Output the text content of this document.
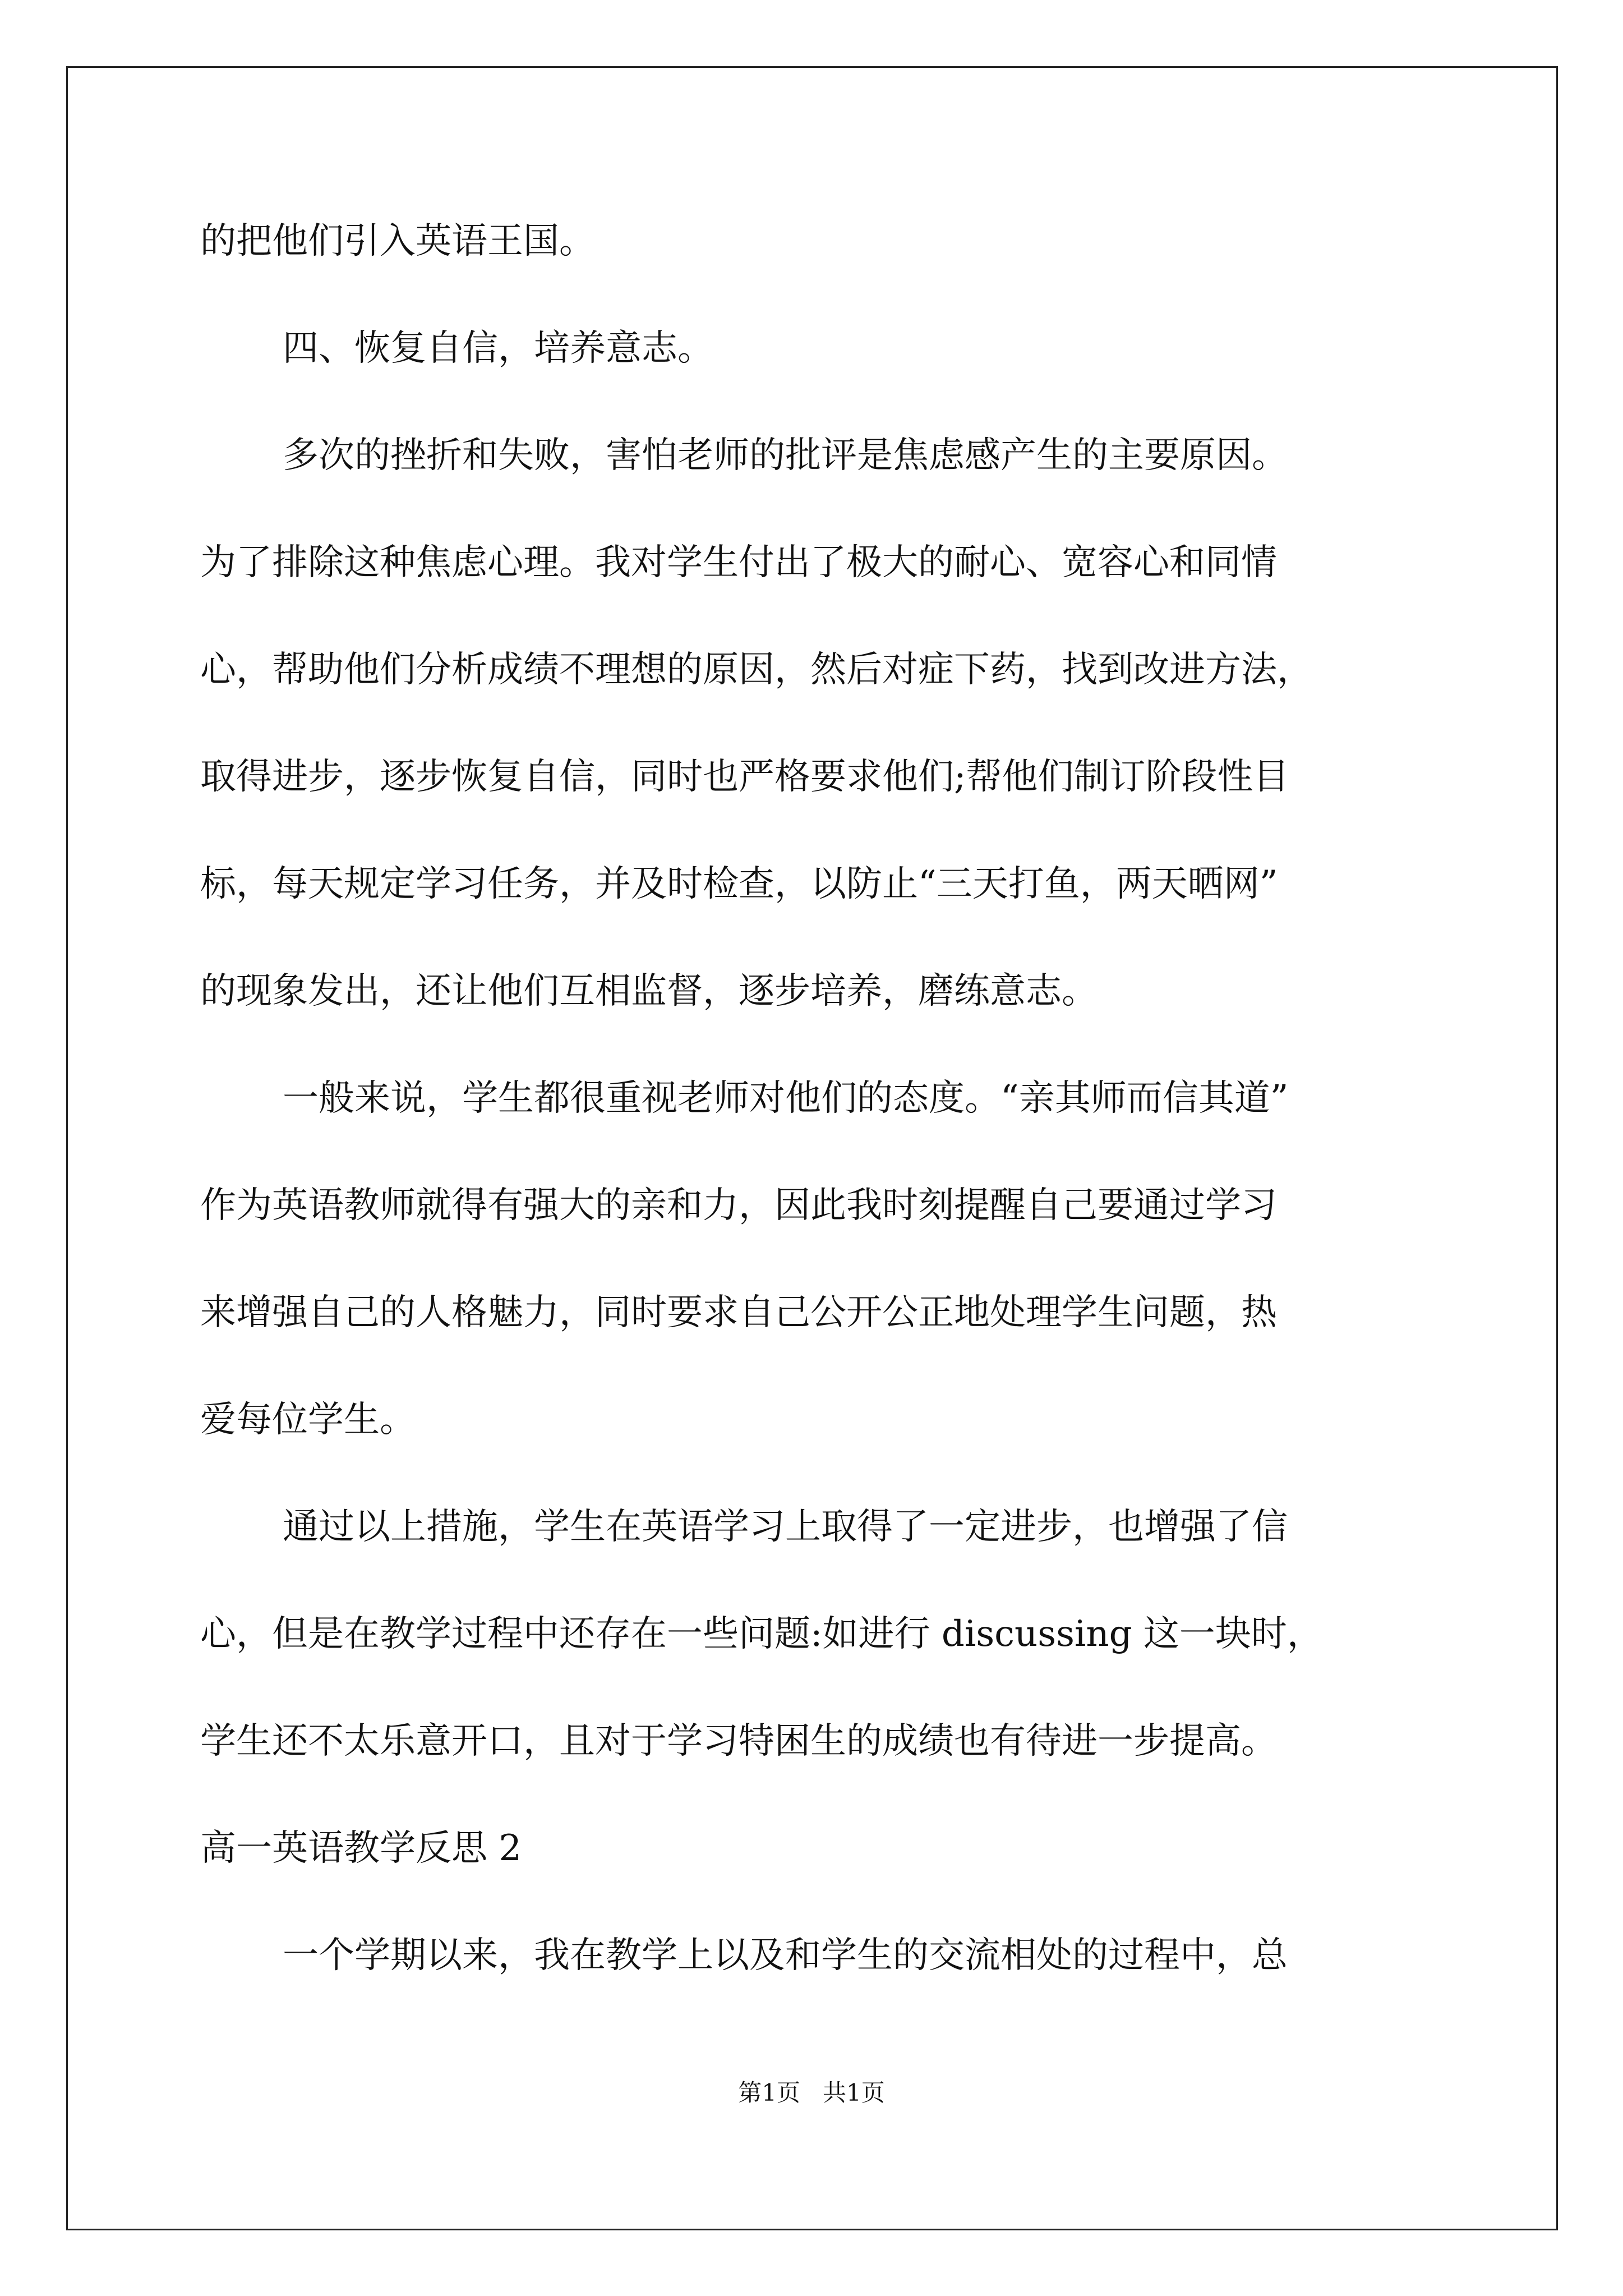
的把他们引入英语王国。
四、恢复自信，培养意志。
多次的挫折和失败，害怕老师的批评是焦虑感产生的主要原因。
为了排除这种焦虑心理。我对学生付出了极大的耐心、宽容心和同情
心，帮助他们分析成绩不理想的原因，然后对症下药，找到改进方法，
取得进步，逐步恢复自信，同时也严格要求他们;帮他们制订阶段性目
标，每天规定学习任务，并及时检查，以防止“三天打鱼，两天晒网”
的现象发出，还让他们互相监督，逐步培养，磨练意志。
一般来说，学生都很重视老师对他们的态度。“亲其师而信其道”
作为英语教师就得有强大的亲和力，因此我时刻提醒自己要通过学习
来增强自己的人格魅力，同时要求自己公开公正地处理学生问题，热
爱每位学生。
通过以上措施，学生在英语学习上取得了一定进步，也增强了信
心，但是在教学过程中还存在一些问题:如进行 discussing 这一块时，
学生还不太乐意开口，且对于学习特困生的成绩也有待进一步提高。
高一英语教学反思 2
一个学期以来，我在教学上以及和学生的交流相处的过程中，总
第1页   共1页
